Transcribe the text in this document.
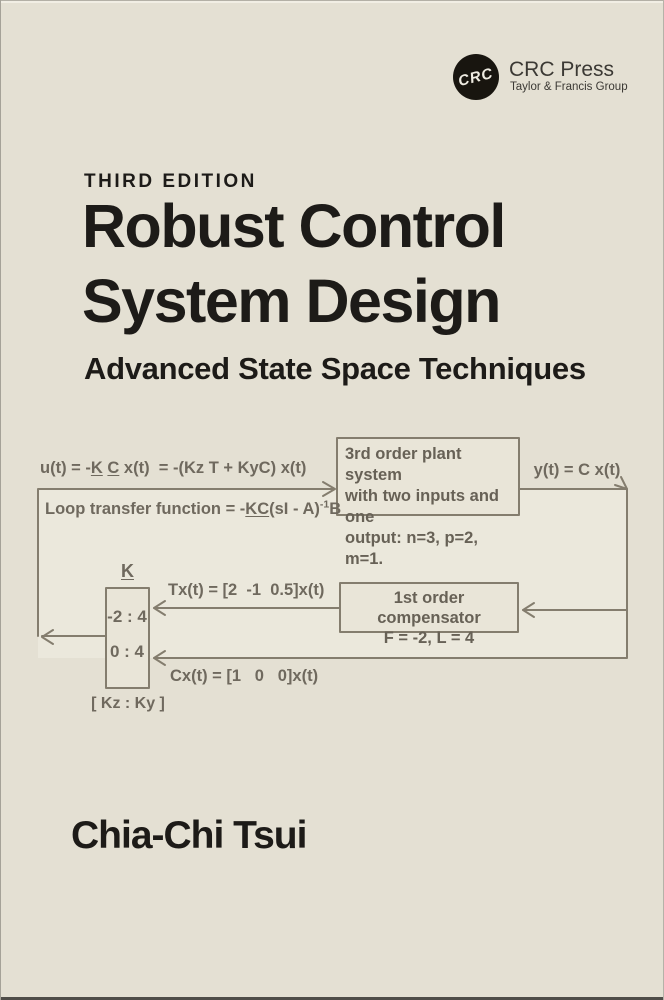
CRC CRC Press
Taylor & Francis Group
THIRD EDITION
Robust Control
System Design
Advanced State Space Techniques
u(t) = -K C x(t)  = -(Kz T + KyC) x(t)
Loop transfer function = -KC(sI - A)$^{-1}$B
y(t) = C x(t)
3rd order plant system
with two inputs and one
output: n=3, p=2, m=1.
1st order compensator
F = -2, L = 4
Tx(t) = [2  -1  0.5]x(t)
Cx(t) = [1   0   0]x(t)
K
-2 : 4
0 : 4
[ Kz : Ky ]
Chia-Chi Tsui
